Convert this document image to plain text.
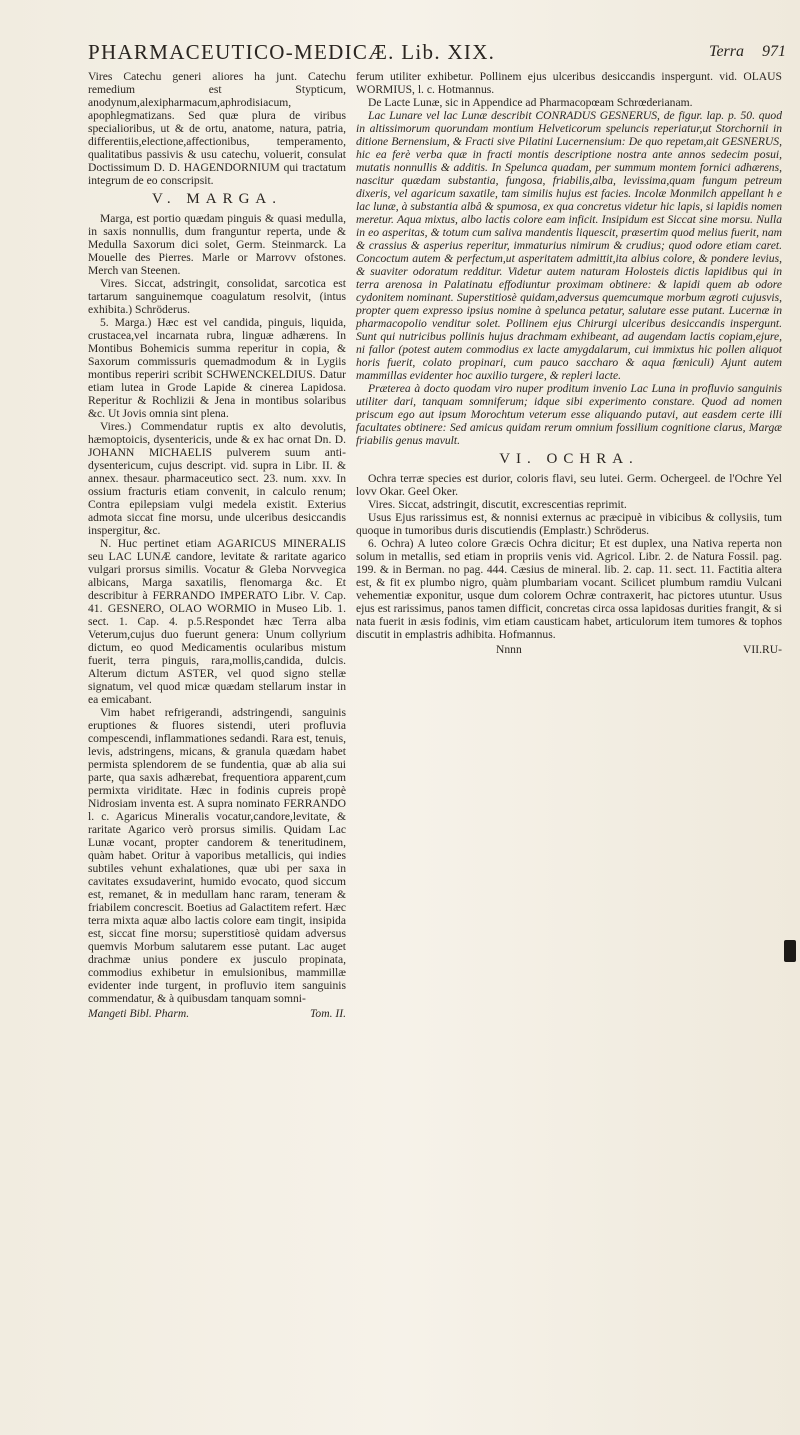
PHARMACEUTICO-MEDICÆ. Lib. XIX.	Terra 971

Vires Catechu generi aliores ha junt. Catechu remedium est Stypticum, anodynum,alexipharmacum,aphrodisiacum, apophlegmatizans. Sed quæ plura de viribus specialioribus, ut & de ortu, anatome, natura, patria, differentiis,electione,affectionibus, temperamento, qualitatibus passivis & usu catechu, voluerit, consulat Doctissimum D. D. HAGENDORNIUM qui tractatum integrum de eo conscripsit.

V. MARGA.

Marga, est portio quædam pinguis & quasi medulla, in saxis nonnullis, dum franguntur reperta, unde & Medulla Saxorum dici solet, Germ. Steinmarck. La Mouelle des Pierres. Marle or Marrovv ofstones. Merch van Steenen.

Vires. Siccat, adstringit, consolidat, sarcotica est tartarum sanguinemque coagulatum resolvit, (intus exhibita.) Schröderus.

5. Marga.) Hæc est vel candida, pinguis, liquida, crustacea,vel incarnata rubra, linguæ adhærens. In Montibus Bohemicis summa reperitur in copia, & Saxorum commissuris quemadmodum & in Lygiis montibus reperiri scribit SCHWENCKELDIUS. Datur etiam lutea in Grode Lapide & cinerea Lapidosa. Reperitur & Rochlizii & Jena in montibus solaribus &c. Ut Jovis omnia sint plena.

Vires.) Commendatur ruptis ex alto devolutis, hæmoptoicis, dysentericis, unde & ex hac ornat Dn. D. JOHANN MICHAELIS pulverem suum anti-dysentericum, cujus descript. vid. supra in Libr. II. & annex. thesaur. pharmaceutico sect. 23. num. xxv. In ossium fracturis etiam convenit, in calculo renum; Contra epilepsiam vulgi medela existit. Exterius admota siccat fine morsu, unde ulceribus desiccandis inspergitur, &c.

N. Huc pertinet etiam AGARICUS MINERALIS seu LAC LUNÆ candore, levitate & raritate agarico vulgari prorsus similis. Vocatur & Gleba Norvvegica albicans, Marga saxatilis, flenomarga &c. Et describitur à FERRANDO IMPERATO Libr. V. Cap. 41. GESNERO, OLAO WORMIO in Museo Lib. 1. sect. 1. Cap. 4. p.5.Respondet hæc Terra alba Veterum,cujus duo fuerunt genera: Unum collyrium dictum, eo quod Medicamentis ocularibus mistum fuerit, terra pinguis, rara,mollis,candida, dulcis. Alterum dictum ASTER, vel quod signo stellæ signatum, vel quod micæ quædam stellarum instar in ea emicabant.

Vim habet refrigerandi, adstringendi, sanguinis eruptiones & fluores sistendi, uteri profluvia compescendi, inflammationes sedandi. Rara est, tenuis, levis, adstringens, micans, & granula quædam habet permista splendorem de se fundentia, quæ ab alia sui parte, qua saxis adhærebat, frequentiora apparent,cum permixta viriditate. Hæc in fodinis cupreis propè Nidrosiam inventa est. A supra nominato FERRANDO l. c. Agaricus Mineralis vocatur,candore,levitate, & raritate Agarico verò prorsus similis. Quidam Lac Lunæ vocant, propter candorem & teneritudinem, quàm habet. Oritur à vaporibus metallicis, qui indies subtiles vehunt exhalationes, quæ ubi per saxa in cavitates exsudaverint, humido evocato, quod siccum est, remanet, & in medullam hanc raram, teneram & friabilem concrescit. Boetius ad Galactitem refert. Hæc terra mixta aquæ albo lactis colore eam tingit, insipida est, siccat fine morsu; superstitiosè quidam adversus quemvis Morbum salutarem esse putant. Lac auget drachmæ unius pondere ex jusculo propinata, commodius exhibetur in emulsionibus, mammillæ evidenter inde turgent, in profluvio item sanguinis commendatur, & à quibusdam tanquam somni-

Mangeti Bibl. Pharm.	Tom. II.

ferum utiliter exhibetur. Pollinem ejus ulceribus desiccandis inspergunt. vid. OLAUS WORMIUS, l. c. Hotmannus.

De Lacte Lunæ, sic in Appendice ad Pharmacopœam Schrœderianam.

Lac Lunare vel lac Lunæ describit CONRADUS GESNERUS, de figur. lap. p. 50. quod in altissimorum quorundam montium Helveticorum speluncis reperiatur,ut Storchornii in ditione Bernensium, & Fracti sive Pilatini Lucernensium: De quo repetam,ait GESNERUS, hic ea ferè verba quæ in fracti montis descriptione nostra ante annos sedecim posui, mutatis nonnullis & additis. In Spelunca quadam, per summum montem fornici adhærens, nascitur quædam substantia, fungosa, friabilis,alba, levissima,quam fungum petreum dixeris, vel agaricum saxatile, tam similis hujus est facies. Incolæ Monmilch appellant h e lac lunæ, à substantia albâ & spumosa, ex qua concretus videtur hic lapis, si lapidis nomen meretur. Aqua mixtus, albo lactis colore eam inficit. Insipidum est Siccat sine morsu. Nulla in eo asperitas, & totum cum saliva mandentis liquescit, præsertim quod melius fuerit, nam & crassius & asperius reperitur, immaturius nimirum & crudius; quod odore etiam caret. Concoctum autem & perfectum,ut asperitatem admittit,ita albius colore, & pondere levius, & suaviter odoratum redditur. Videtur autem naturam Holosteis dictis lapidibus qui in terra arenosa in Palatinatu effodiuntur proximam obtinere: & lapidi quem ab odore cydonitem nominant. Superstitiosè quidam,adversus quemcumque morbum ægroti cujusvis, propter quem expresso ipsius nomine à spelunca petatur, salutare esse putant. Lucernæ in pharmacopolio venditur solet. Pollinem ejus Chirurgi ulceribus desiccandis inspergunt. Sunt qui nutricibus pollinis hujus drachmam exhibeant, ad augendam lactis copiam,ejure, ni fallor (potest autem commodius ex lacte amygdalarum, cui immixtus hic pollen aliquot horis fuerit, colato propinari, cum pauco saccharo & aqua fœniculi) Ajunt autem mammillas evidenter hoc auxilio turgere, & repleri lacte.

Præterea à docto quodam viro nuper proditum invenio Lac Luna in profluvio sanguinis utiliter dari, tanquam somniferum; idque sibi experimento constare. Quod ad nomen priscum ego aut ipsum Morochtum veterum esse aliquando putavi, aut easdem certe illi facultates obtinere: Sed amicus quidam rerum omnium fossilium cognitione clarus, Margæ friabilis genus mavult.

VI. OCHRA.

Ochra terræ species est durior, coloris flavi, seu lutei. Germ. Ochergeel. de l'Ochre Yel lovv Okar. Geel Oker.

Vires. Siccat, adstringit, discutit, excrescentias reprimit.

Usus Ejus rarissimus est, & nonnisi externus ac præcipuè in vibicibus & collysiis, tum quoque in tumoribus duris discutiendis (Emplastr.) Schröderus.

6. Ochra) A luteo colore Græcis Ochra dicitur; Et est duplex, una Nativa reperta non solum in metallis, sed etiam in propriis venis vid. Agricol. Libr. 2. de Natura Fossil. pag. 199. & in Berman. no pag. 444. Cæsius de mineral. lib. 2. cap. 11. sect. 11. Factitia altera est, & fit ex plumbo nigro, quàm plumbariam vocant. Scilicet plumbum ramdiu Vulcani vehementiæ exponitur, usque dum colorem Ochræ contraxerit, hac pictores utuntur. Usus ejus est rarissimus, panos tamen difficit, concretas circa ossa lapidosas durities frangit, & si nata fuerit in æsis fodinis, vim etiam causticam habet, articulorum item tumores & tophos discutit in emplastris adhibita. Hofmannus.

Nnnn	VII.RU-
